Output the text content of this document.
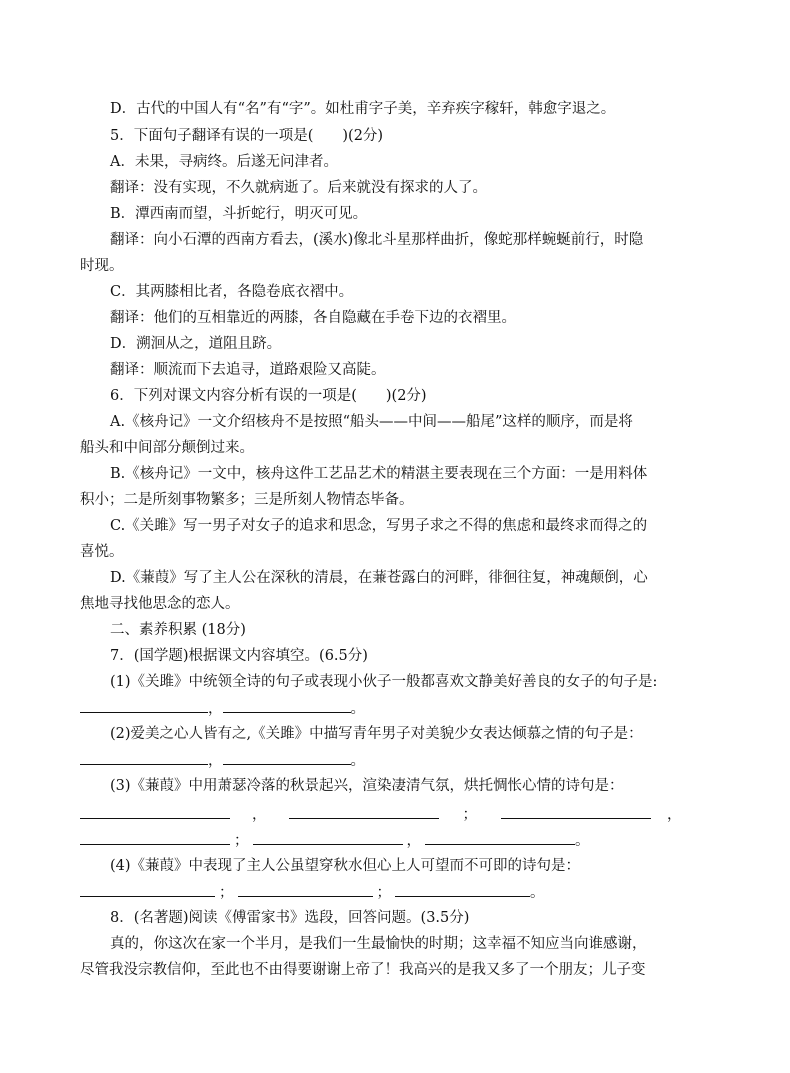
D．古代的中国人有“名”有“字”。如杜甫字子美，辛弃疾字稼轩，韩愈字退之。
5．下面句子翻译有误的一项是(　　)(2分)
A．未果，寻病终。后遂无问津者。
翻译：没有实现，不久就病逝了。后来就没有探求的人了。
B．潭西南而望，斗折蛇行，明灭可见。
翻译：向小石潭的西南方看去，(溪水)像北斗星那样曲折，像蛇那样蜿蜒前行，时隐
时现。
C．其两膝相比者，各隐卷底衣褶中。
翻译：他们的互相靠近的两膝，各自隐藏在手卷下边的衣褶里。
D．溯洄从之，道阻且跻。
翻译：顺流而下去追寻，道路艰险又高陡。
6．下列对课文内容分析有误的一项是(　　)(2分)
A.《核舟记》一文介绍核舟不是按照“船头——中间——船尾”这样的顺序，而是将
船头和中间部分颠倒过来。
B.《核舟记》一文中，核舟这件工艺品艺术的精湛主要表现在三个方面：一是用料体
积小；二是所刻事物繁多；三是所刻人物情态毕备。
C.《关雎》写一男子对女子的追求和思念，写男子求之不得的焦虑和最终求而得之的
喜悦。
D.《蒹葭》写了主人公在深秋的清晨，在蒹苍露白的河畔，徘徊往复，神魂颠倒，心
焦地寻找他思念的恋人。
二、素养积累 (18分)
7．(国学题)根据课文内容填空。(6.5分)
(1)《关雎》中统领全诗的句子或表现小伙子一般都喜欢文静美好善良的女子的句子是:
，	。
(2)爱美之心人皆有之,《关雎》中描写青年男子对美貌少女表达倾慕之情的句子是：
，	。
(3)《蒹葭》中用萧瑟冷落的秋景起兴，渲染凄清气氛，烘托惆怅心情的诗句是：
，	；	，
；	，	。
(4)《蒹葭》中表现了主人公虽望穿秋水但心上人可望而不可即的诗句是：
；	；	。
8．(名著题)阅读《傅雷家书》选段，回答问题。(3.5分)
真的，你这次在家一个半月，是我们一生最愉快的时期；这幸福不知应当向谁感谢，
尽管我没宗教信仰，至此也不由得要谢谢上帝了！我高兴的是我又多了一个朋友；儿子变
